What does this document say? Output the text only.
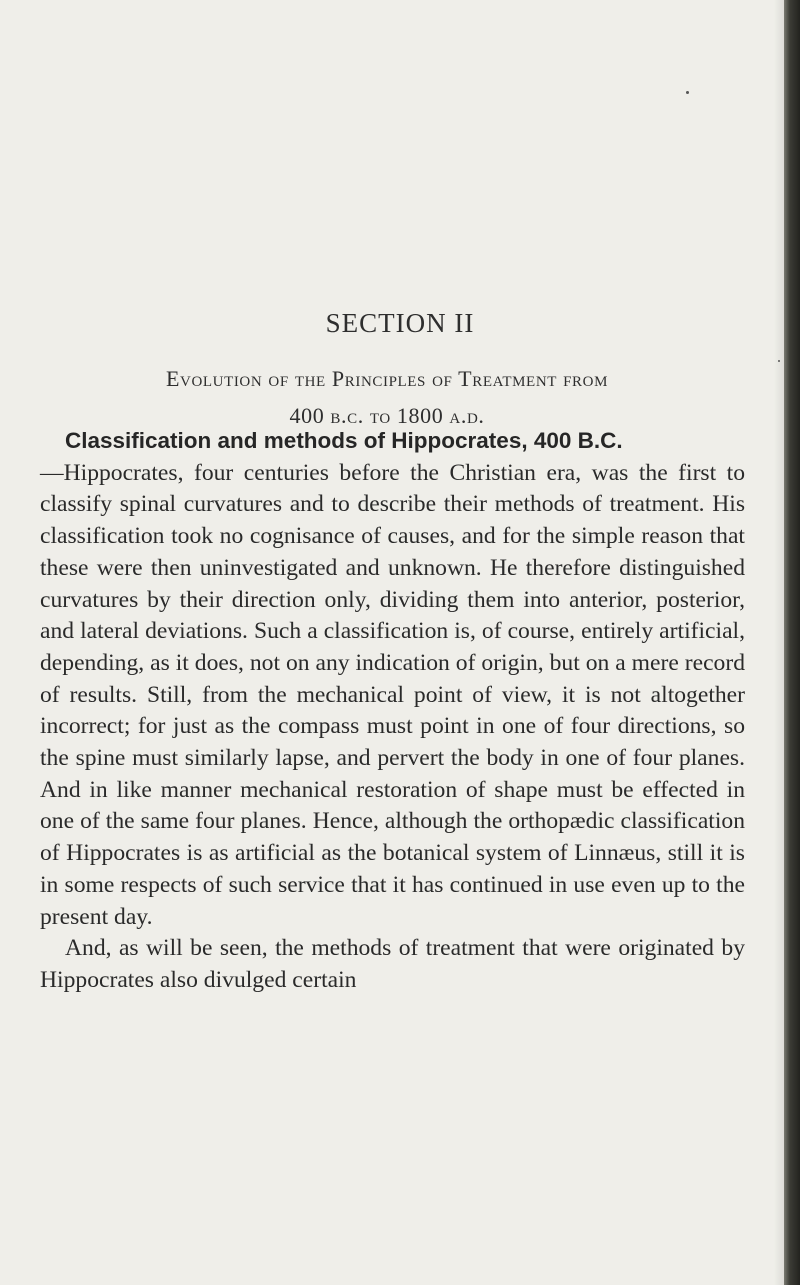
SECTION II
Evolution of the Principles of Treatment from
400 b.c. to 1800 a.d.

Classification and methods of Hippocrates, 400 B.C.
—Hippocrates, four centuries before the Christian era, was the first to classify spinal curvatures and to describe their methods of treatment. His classification took no cognisance of causes, and for the simple reason that these were then uninvestigated and unknown. He therefore distinguished curvatures by their direction only, dividing them into anterior, posterior, and lateral deviations. Such a classification is, of course, entirely artificial, depending, as it does, not on any indication of origin, but on a mere record of results. Still, from the mechanical point of view, it is not altogether incorrect; for just as the compass must point in one of four directions, so the spine must similarly lapse, and pervert the body in one of four planes. And in like manner mechanical restoration of shape must be effected in one of the same four planes. Hence, although the orthopædic classification of Hippocrates is as artificial as the botanical system of Linnæus, still it is in some respects of such service that it has continued in use even up to the present day.

And, as will be seen, the methods of treatment that were originated by Hippocrates also divulged certain
